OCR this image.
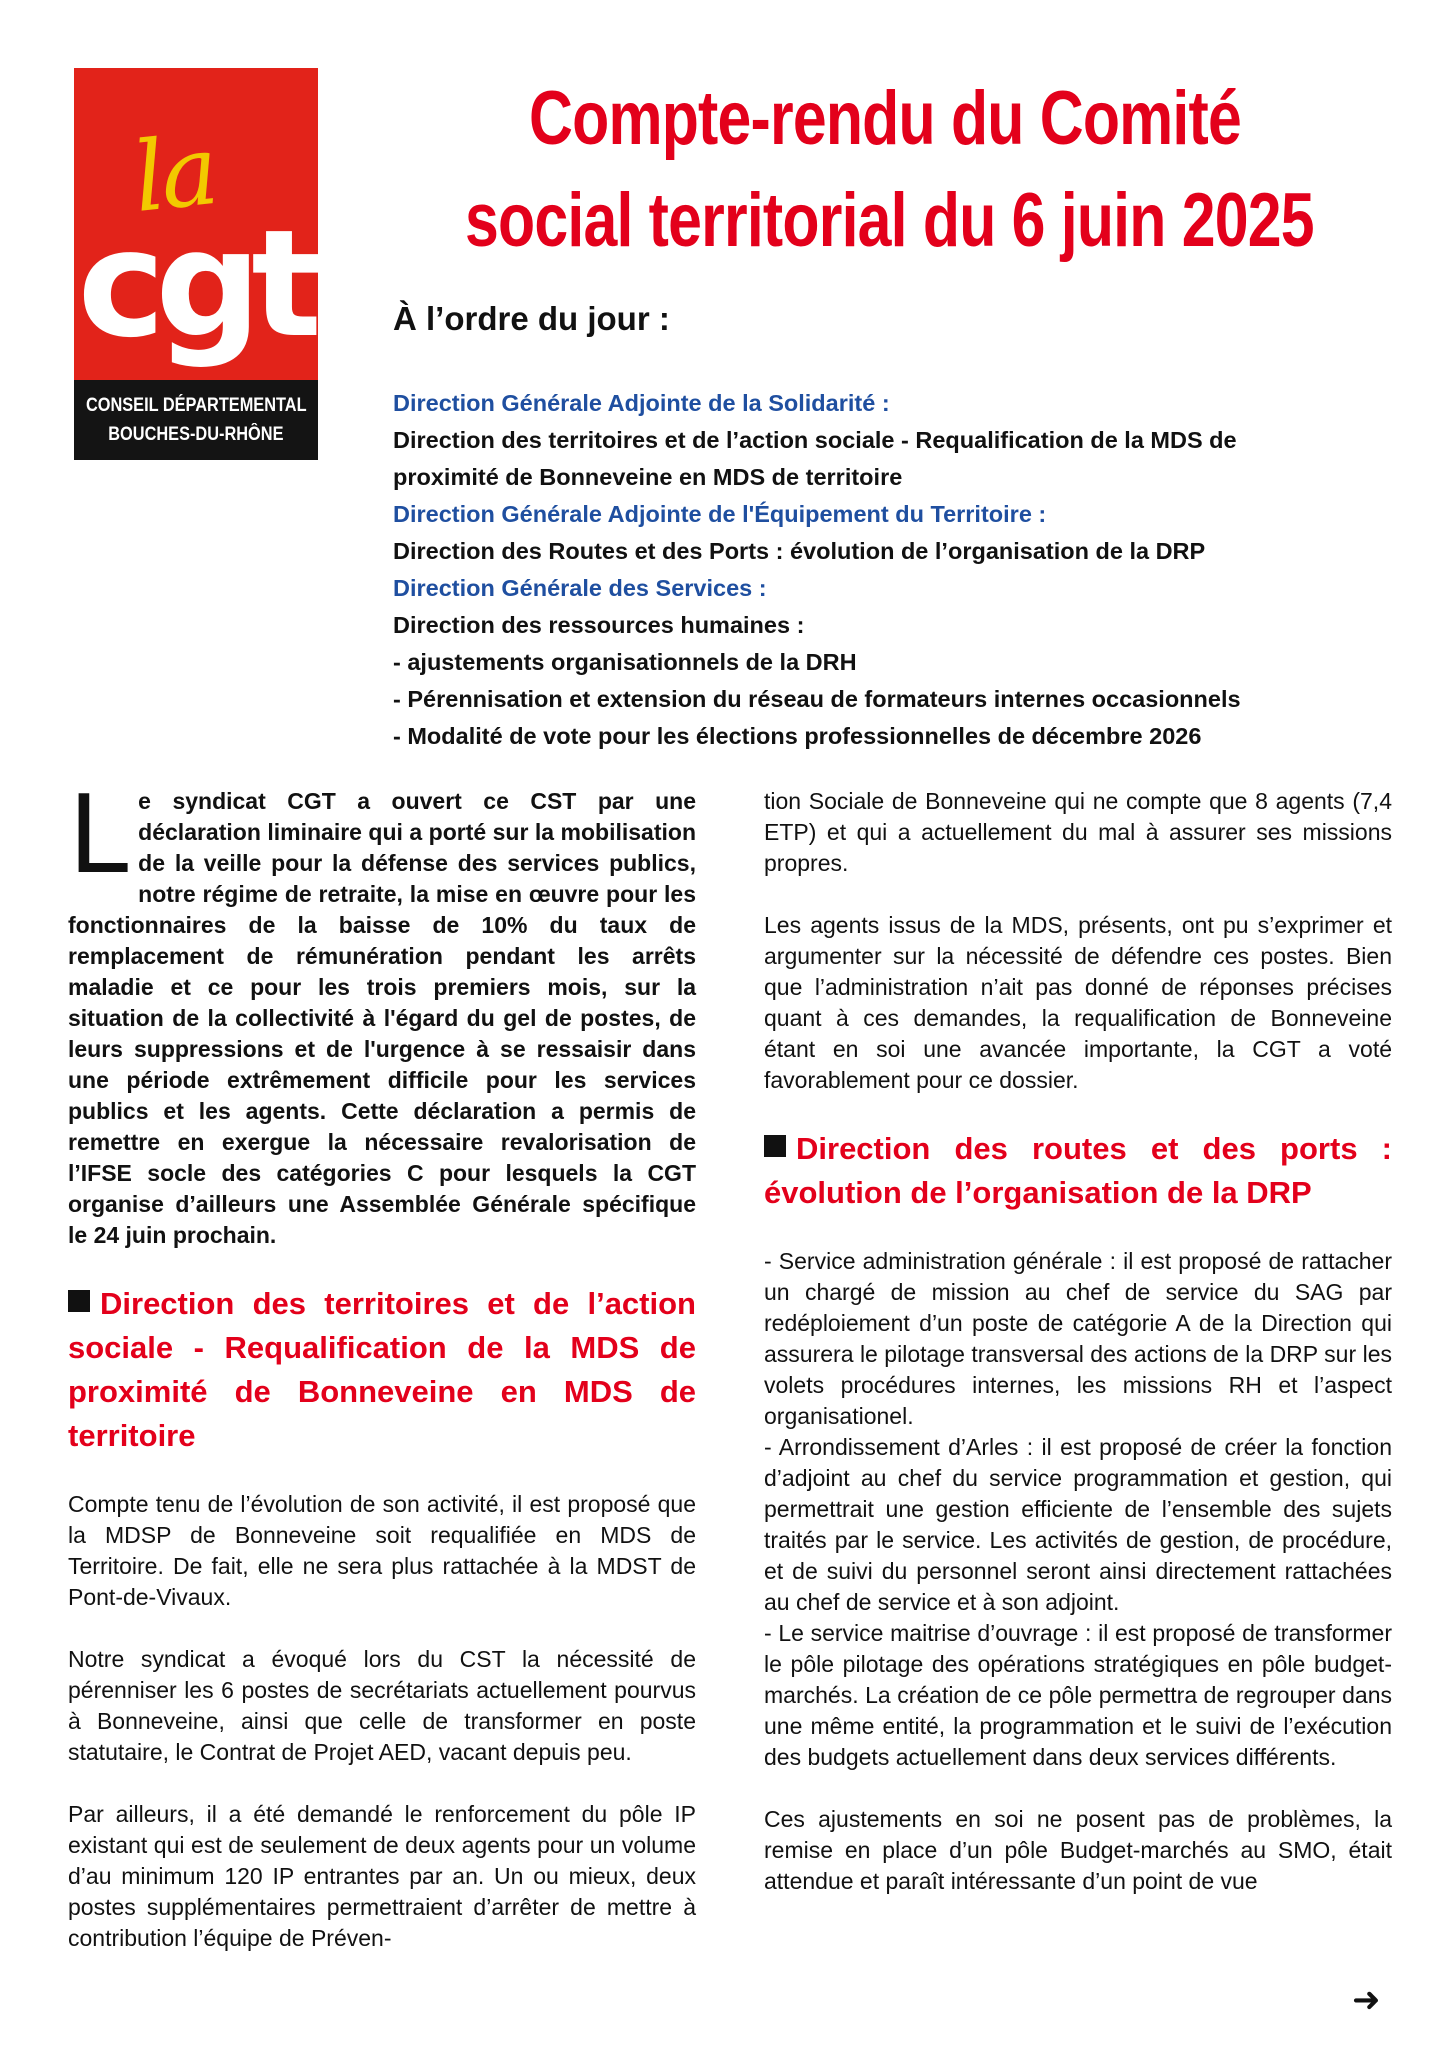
la
cgt
CONSEIL DÉPARTEMENTAL
BOUCHES-DU-RHÔNE
Compte-rendu du Comité
social territorial du 6 juin 2025
À l’ordre du jour :
Direction Générale Adjointe de la Solidarité :
Direction des territoires et de l’action sociale - Requalification de la MDS de
proximité de Bonneveine en MDS de territoire
Direction Générale Adjointe de l'Équipement du Territoire :
Direction des Routes et des Ports : évolution de l’organisation de la DRP
Direction Générale des Services :
Direction des ressources humaines :
- ajustements organisationnels de la DRH
- Pérennisation et extension du réseau de formateurs internes occasionnels
- Modalité de vote pour les élections professionnelles de décembre 2026

Le syndicat CGT a ouvert ce CST par une déclaration liminaire qui a porté sur la mobilisation de la veille pour la défense des services publics, notre régime de retraite, la mise en œuvre pour les fonctionnaires de la baisse de 10% du taux de remplacement de rémunération pendant les arrêts maladie et ce pour les trois premiers mois, sur la situation de la collectivité à l'égard du gel de postes, de leurs suppressions et de l'urgence à se ressaisir dans une période extrêmement difficile pour les services publics et les agents. Cette déclaration a permis de remettre en exergue la nécessaire revalorisation de l’IFSE socle des catégories C pour lesquels la CGT organise d’ailleurs une Assemblée Générale spécifique le 24 juin prochain.

Direction des territoires et de l’action sociale - Requalification de la MDS de proximité de Bonneveine en MDS de territoire

Compte tenu de l’évolution de son activité, il est proposé que la MDSP de Bonneveine soit requalifiée en MDS de Territoire. De fait, elle ne sera plus rattachée à la MDST de Pont-de-Vivaux.

Notre syndicat a évoqué lors du CST la nécessité de pérenniser les 6 postes de secrétariats actuellement pourvus à Bonneveine, ainsi que celle de transformer en poste statutaire, le Contrat de Projet AED, vacant depuis peu.

Par ailleurs, il a été demandé le renforcement du pôle IP existant qui est de seulement de deux agents pour un volume d’au minimum 120 IP entrantes par an. Un ou mieux, deux postes supplémentaires permettraient d’arrêter de mettre à contribution l’équipe de Préven-

tion Sociale de Bonneveine qui ne compte que 8 agents (7,4 ETP) et qui a actuellement du mal à assurer ses missions propres.

Les agents issus de la MDS, présents, ont pu s’exprimer et argumenter sur la nécessité de défendre ces postes. Bien que l’administration n’ait pas donné de réponses précises quant à ces demandes, la requalification de Bonneveine étant en soi une avancée importante, la CGT a voté favorablement pour ce dossier.

Direction des routes et des ports : évolution de l’organisation de la DRP

- Service administration générale : il est proposé de rattacher un chargé de mission au chef de service du SAG par redéploiement d’un poste de catégorie A de la Direction qui assurera le pilotage transversal des actions de la DRP sur les volets procédures internes, les missions RH et l’aspect organisationel.

- Arrondissement d’Arles : il est proposé de créer la fonction d’adjoint au chef du service programmation et gestion, qui permettrait une gestion efficiente de l’ensemble des sujets traités par le service. Les activités de gestion, de procédure, et de suivi du personnel seront ainsi directement rattachées au chef de service et à son adjoint.

- Le service maitrise d’ouvrage : il est proposé de transformer le pôle pilotage des opérations stratégiques en pôle budget-marchés. La création de ce pôle permettra de regrouper dans une même entité, la programmation et le suivi de l’exécution des budgets actuellement dans deux services différents.

Ces ajustements en soi ne posent pas de problèmes, la remise en place d’un pôle Budget-marchés au SMO, était attendue et paraît intéressante d’un point de vue

➜
